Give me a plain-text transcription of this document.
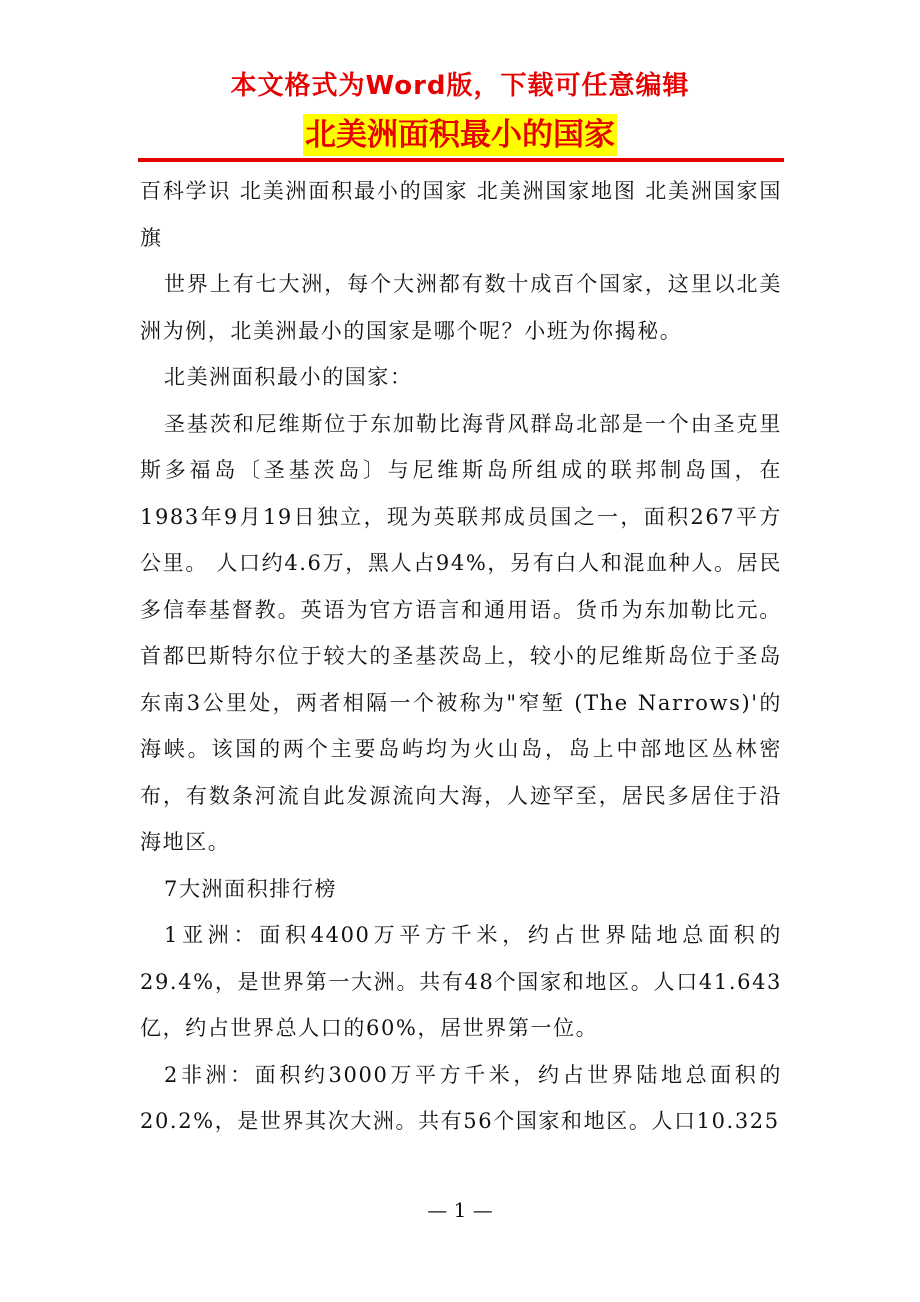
本文格式为Word版，下载可任意编辑
北美洲面积最小的国家

百科学识 北美洲面积最小的国家 北美洲国家地图 北美洲国家国旗

世界上有七大洲，每个大洲都有数十成百个国家，这里以北美洲为例，北美洲最小的国家是哪个呢？小班为你揭秘。

北美洲面积最小的国家：

圣基茨和尼维斯位于东加勒比海背风群岛北部是一个由圣克里斯多福岛〔圣基茨岛〕与尼维斯岛所组成的联邦制岛国，在1983年9月19日独立，现为英联邦成员国之一，面积267平方公里。 人口约4.6万，黑人占94%，另有白人和混血种人。居民多信奉基督教。英语为官方语言和通用语。货币为东加勒比元。 首都巴斯特尔位于较大的圣基茨岛上，较小的尼维斯岛位于圣岛东南3公里处，两者相隔一个被称为"窄堑 (The Narrows)'的海峡。该国的两个主要岛屿均为火山岛，岛上中部地区丛林密布，有数条河流自此发源流向大海，人迹罕至，居民多居住于沿海地区。

7大洲面积排行榜

1亚洲：面积4400万平方千米，约占世界陆地总面积的29.4%，是世界第一大洲。共有48个国家和地区。人口41.643亿，约占世界总人口的60%，居世界第一位。

2非洲：面积约3000万平方千米，约占世界陆地总面积的20.2%，是世界其次大洲。共有56个国家和地区。人口10.325

— 1 —
